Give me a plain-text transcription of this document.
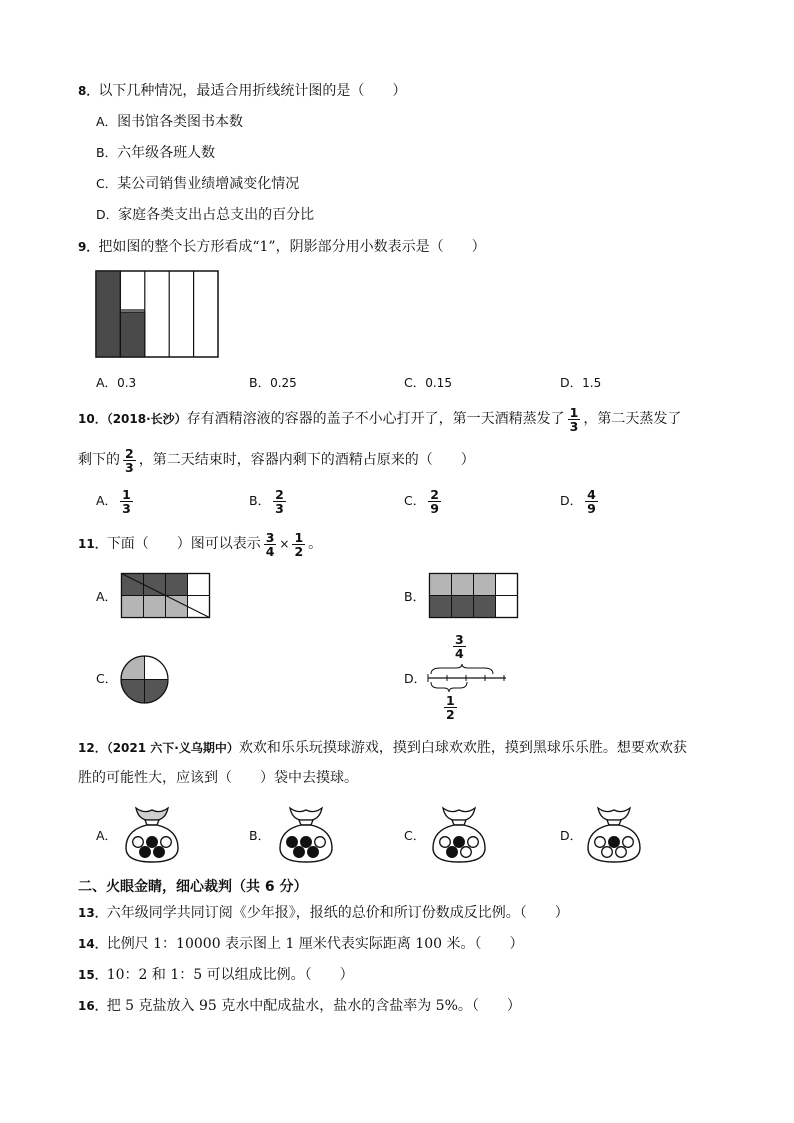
8．以下几种情况，最适合用折线统计图的是（　　）
A．图书馆各类图书本数
B．六年级各班人数
C．某公司销售业绩增减变化情况
D．家庭各类支出占总支出的百分比
9．把如图的整个长方形看成“1”，阴影部分用小数表示是（　　）
A．0.3	B．0.25	C．0.15	D．1.5
10．（2018·长沙）存有酒精溶液的容器的盖子不小心打开了，第一天酒精蒸发了 $\frac{1}{3}$ ，第二天蒸发了
剩下的 $\frac{2}{3}$ ，第二天结束时，容器内剩下的酒精占原来的（　　）
A． $\frac{1}{3}$	B． $\frac{2}{3}$	C． $\frac{2}{9}$	D． $\frac{4}{9}$
11．下面（　　）图可以表示 $\frac{3}{4} \times \frac{1}{2}$ 。
A．	B．
C．	D．
$\frac{3}{4}$
$\frac{1}{2}$
12．（2021 六下·义乌期中）欢欢和乐乐玩摸球游戏，摸到白球欢欢胜，摸到黑球乐乐胜。想要欢欢获
胜的可能性大，应该到（　　）袋中去摸球。
A．	B．	C．	D．
二、火眼金睛，细心裁判（共 6 分）
13．六年级同学共同订阅《少年报》，报纸的总价和所订份数成反比例。（　　）
14．比例尺 1：10000 表示图上 1 厘米代表实际距离 100 米。（　　）
15．10：2 和 1：5 可以组成比例。（　　）
16．把 5 克盐放入 95 克水中配成盐水，盐水的含盐率为 5%。（　　）
